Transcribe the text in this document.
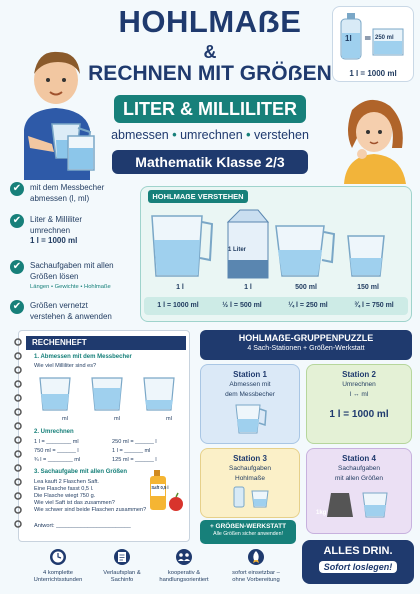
HOHLMAẞE
&
RECHNEN MIT GRÖẞEN
LITER & MILLILITER
abmessen • umrechnen • verstehen
Mathematik Klasse 2/3
1l = 250 ml
1 l = 1000 ml
✔	mit dem Messbecher
abmessen (l, ml)
✔	Liter & Milliliter
umrechnen
1 l = 1000 ml
✔	Sachaufgaben mit allen
Größen lösen
Längen • Gewichte • Hohlmaße
✔	Größen vernetzt
verstehen & anwenden
HOHLMAẞE VERSTEHEN
1 Liter
1 l	1 l	500 ml	150 ml
1 l = 1000 ml	½ l = 500 ml	¼ l = 250 ml	¾ l = 750 ml
RECHENHEFT
1. Abmessen mit dem Messbecher
Wie viel Milliliter sind es?
ml	ml	ml
2. Umrechnen
1 l = ________ ml	250 ml = ______ l
750 ml = ______ l	1 l = ______ ml
¾ l = ________ ml	125 ml = ______ l
3. Sachaufgabe mit allen Größen
Lea kauft 2 Flaschen Saft.
Eine Flasche fasst 0,5 l.
Die Flasche wiegt 750 g.
Wie viel Saft ist das zusammen?
Wie schwer sind beide Flaschen zusammen?
Antwort: ________________________
Saft 0,5 l
HOHLMAẞE-GRUPPENPUZZLE
4 Sach-Stationen + Größen-Werkstatt
Station 1
Abmessen mit
dem Messbecher
Station 2
Umrechnen
l ↔ ml
1 l = 1000 ml
Station 3
Sachaufgaben
Hohlmaße
Station 4
Sachaufgaben
mit allen Größen
1kg
+ GRÖẞEN-WERKSTATT
Alle Größen sicher anwenden!
ALLES DRIN.
Sofort loslegen!
4 komplette
Unterrichtsstunden
Verlaufsplan &
Sachinfo
kooperativ &
handlungsorientiert
sofort einsetzbar –
ohne Vorbereitung
